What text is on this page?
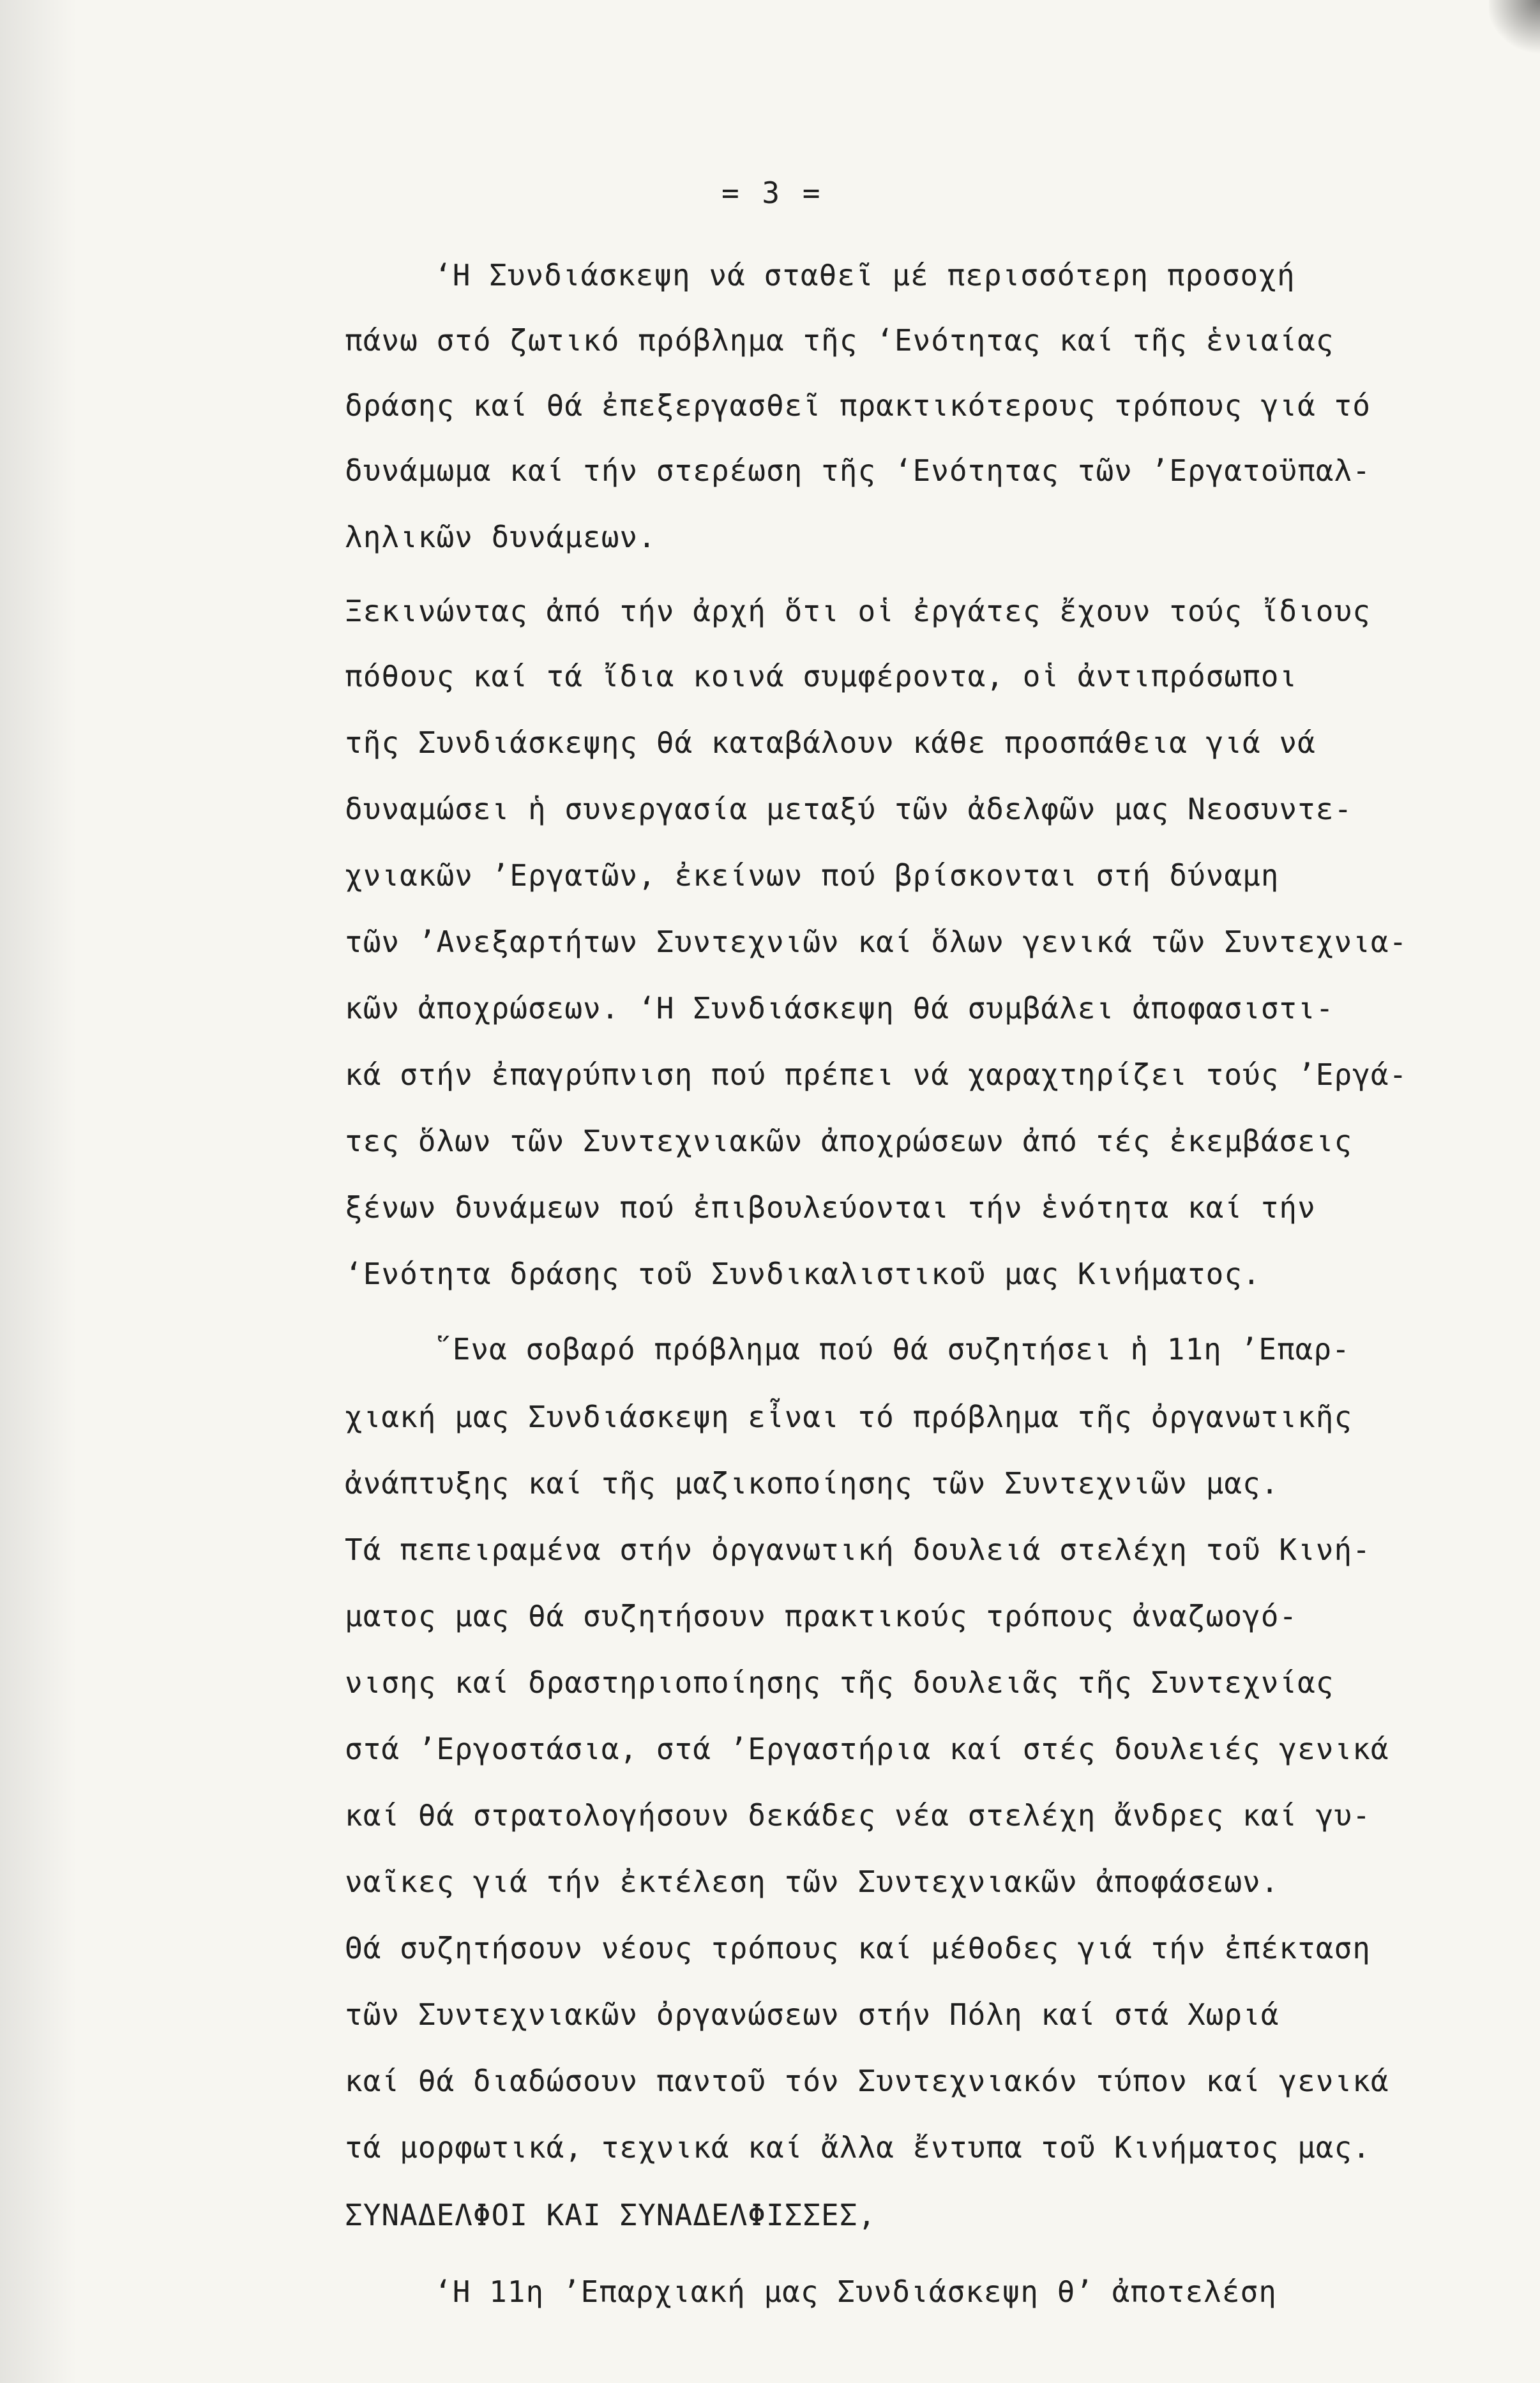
= 3 =
‘Η Συνδιάσκεψη νά σταθεῖ μέ περισσότερη προσοχή
πάνω στό ζωτικό πρόβλημα τῆς ‘Ενότητας καί τῆς ἑνιαίας
δράσης καί θά ἐπεξεργασθεῖ πρακτικότερους τρόπους γιά τό
δυνάμωμα καί τήν στερέωση τῆς ‘Ενότητας τῶν ’Εργατοϋπαλ-
ληλικῶν δυνάμεων.
Ξεκινώντας ἀπό τήν ἀρχή ὅτι οἱ ἐργάτες ἔχουν τούς ἴδιους
πόθους καί τά ἴδια κοινά συμφέροντα, οἱ ἀντιπρόσωποι
τῆς Συνδιάσκεψης θά καταβάλουν κάθε προσπάθεια γιά νά
δυναμώσει ἡ συνεργασία μεταξύ τῶν ἀδελφῶν μας Νεοσυντε-
χνιακῶν ’Εργατῶν, ἐκείνων πού βρίσκονται στή δύναμη
τῶν ’Ανεξαρτήτων Συντεχνιῶν καί ὅλων γενικά τῶν Συντεχνια-
κῶν ἀποχρώσεων. ‘Η Συνδιάσκεψη θά συμβάλει ἀποφασιστι-
κά στήν ἐπαγρύπνιση πού πρέπει νά χαραχτηρίζει τούς ’Εργά-
τες ὅλων τῶν Συντεχνιακῶν ἀποχρώσεων ἀπό τές ἐκεμβάσεις
ξένων δυνάμεων πού ἐπιβουλεύονται τήν ἑνότητα καί τήν
‘Ενότητα δράσης τοῦ Συνδικαλιστικοῦ μας Κινήματος.
῞Ενα σοβαρό πρόβλημα πού θά συζητήσει ἡ 11η ’Επαρ-
χιακή μας Συνδιάσκεψη εἶναι τό πρόβλημα τῆς ὀργανωτικῆς
ἀνάπτυξης καί τῆς μαζικοποίησης τῶν Συντεχνιῶν μας.
Τά πεπειραμένα στήν ὀργανωτική δουλειά στελέχη τοῦ Κινή-
ματος μας θά συζητήσουν πρακτικούς τρόπους ἀναζωογό-
νισης καί δραστηριοποίησης τῆς δουλειᾶς τῆς Συντεχνίας
στά ’Εργοστάσια, στά ’Εργαστήρια καί στές δουλειές γενικά
καί θά στρατολογήσουν δεκάδες νέα στελέχη ἄνδρες καί γυ-
ναῖκες γιά τήν ἐκτέλεση τῶν Συντεχνιακῶν ἀποφάσεων.
Θά συζητήσουν νέους τρόπους καί μέθοδες γιά τήν ἐπέκταση
τῶν Συντεχνιακῶν ὀργανώσεων στήν Πόλη καί στά Χωριά
καί θά διαδώσουν παντοῦ τόν Συντεχνιακόν τύπον καί γενικά
τά μορφωτικά, τεχνικά καί ἄλλα ἔντυπα τοῦ Κινήματος μας.
ΣΥΝΑΔΕΛΦΟΙ ΚΑΙ ΣΥΝΑΔΕΛΦΙΣΣΕΣ,
‘Η 11η ’Επαρχιακή μας Συνδιάσκεψη θ’ ἀποτελέση
